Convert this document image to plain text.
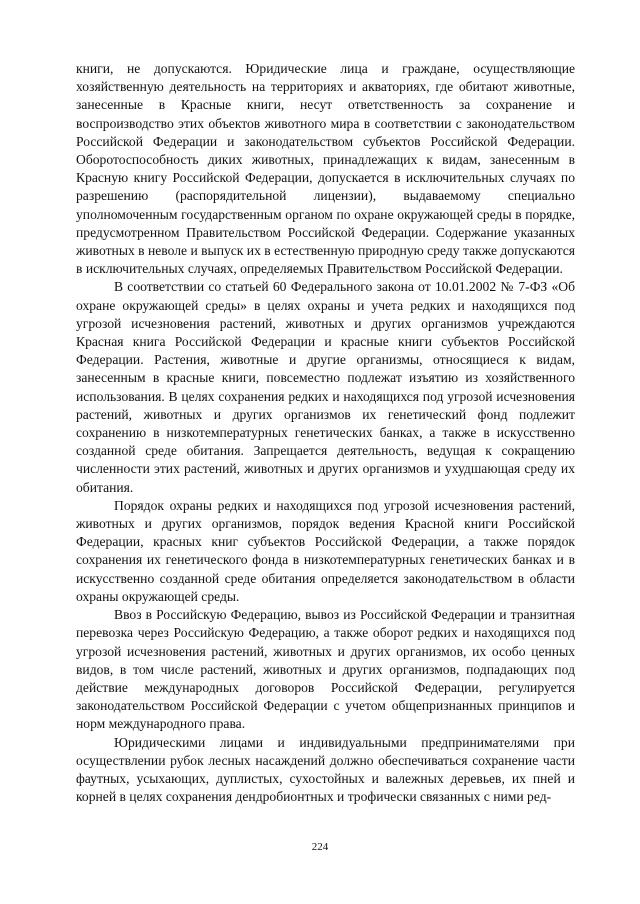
книги, не допускаются. Юридические лица и граждане, осуществляющие хозяйственную деятельность на территориях и акваториях, где обитают животные, занесенные в Красные книги, несут ответственность за сохранение и воспроизводство этих объектов животного мира в соответствии с законодательством Российской Федерации и законодательством субъектов Российской Федерации. Оборотоспособность диких животных, принадлежащих к видам, занесенным в Красную книгу Российской Федерации, допускается в исключительных случаях по разрешению (распорядительной лицензии), выдаваемому специально уполномоченным государственным органом по охране окружающей среды в порядке, предусмотренном Правительством Российской Федерации. Содержание указанных животных в неволе и выпуск их в естественную природную среду также допускаются в исключительных случаях, определяемых Правительством Российской Федерации.

В соответствии со статьей 60 Федерального закона от 10.01.2002 № 7-ФЗ «Об охране окружающей среды» в целях охраны и учета редких и находящихся под угрозой исчезновения растений, животных и других организмов учреждаются Красная книга Российской Федерации и красные книги субъектов Российской Федерации. Растения, животные и другие организмы, относящиеся к видам, занесенным в красные книги, повсеместно подлежат изъятию из хозяйственного использования. В целях сохранения редких и находящихся под угрозой исчезновения растений, животных и других организмов их генетический фонд подлежит сохранению в низкотемпературных генетических банках, а также в искусственно созданной среде обитания. Запрещается деятельность, ведущая к сокращению численности этих растений, животных и других организмов и ухудшающая среду их обитания.

Порядок охраны редких и находящихся под угрозой исчезновения растений, животных и других организмов, порядок ведения Красной книги Российской Федерации, красных книг субъектов Российской Федерации, а также порядок сохранения их генетического фонда в низкотемпературных генетических банках и в искусственно созданной среде обитания определяется законодательством в области охраны окружающей среды.

Ввоз в Российскую Федерацию, вывоз из Российской Федерации и транзитная перевозка через Российскую Федерацию, а также оборот редких и находящихся под угрозой исчезновения растений, животных и других организмов, их особо ценных видов, в том числе растений, животных и других организмов, подпадающих под действие международных договоров Российской Федерации, регулируется законодательством Российской Федерации с учетом общепризнанных принципов и норм международного права.

Юридическими лицами и индивидуальными предпринимателями при осуществлении рубок лесных насаждений должно обеспечиваться сохранение части фаутных, усыхающих, дуплистых, сухостойных и валежных деревьев, их пней и корней в целях сохранения дендробионтных и трофически связанных с ними ред-

224
